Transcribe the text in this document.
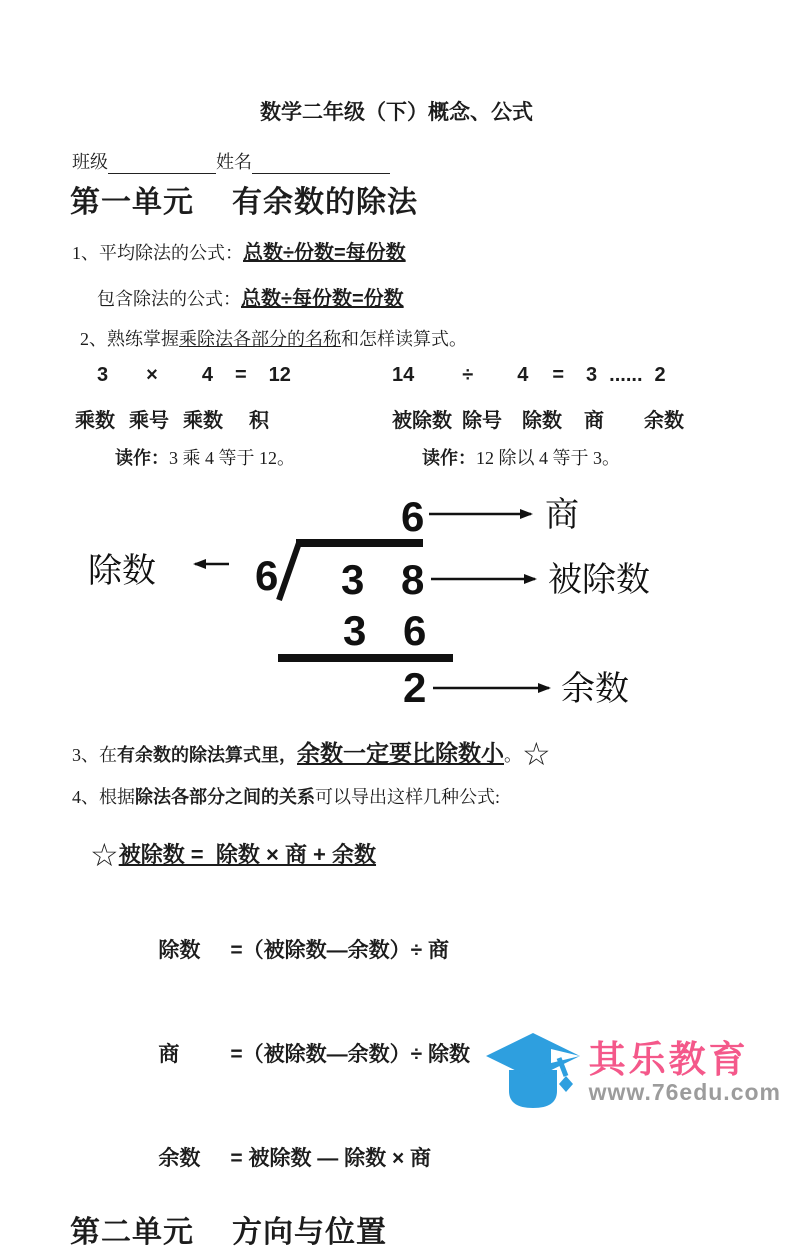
数学二年级（下）概念、公式
班级	姓名
第一单元 有余数的除法

1、平均除法的公式：总数÷份数=每份数

包含除法的公式：总数÷每份数=份数

2、熟练掌握乘除法各部分的名称和怎样读算式。

3 × 4 = 12
乘数 乘号 乘数 积
读作：3 乘 4 等于 12。
14 ÷ 4 = 3 ...... 2
被除数 除号 除数 商 余数
读作：12 除以 4 等于 3。
6	商
除数 6 3 8	被除数
3 6
2	余数

3、在有余数的除法算式里，余数一定要比除数小。☆

4、根据除法各部分之间的关系可以导出这样几种公式:

☆被除数 =  除数 × 商 + 余数

除数 =（被除数—余数）÷ 商

商 =（被除数—余数）÷ 除数

余数 = 被除数 — 除数 × 商

第二单元 方向与位置
其乐教育
www.76edu.com
